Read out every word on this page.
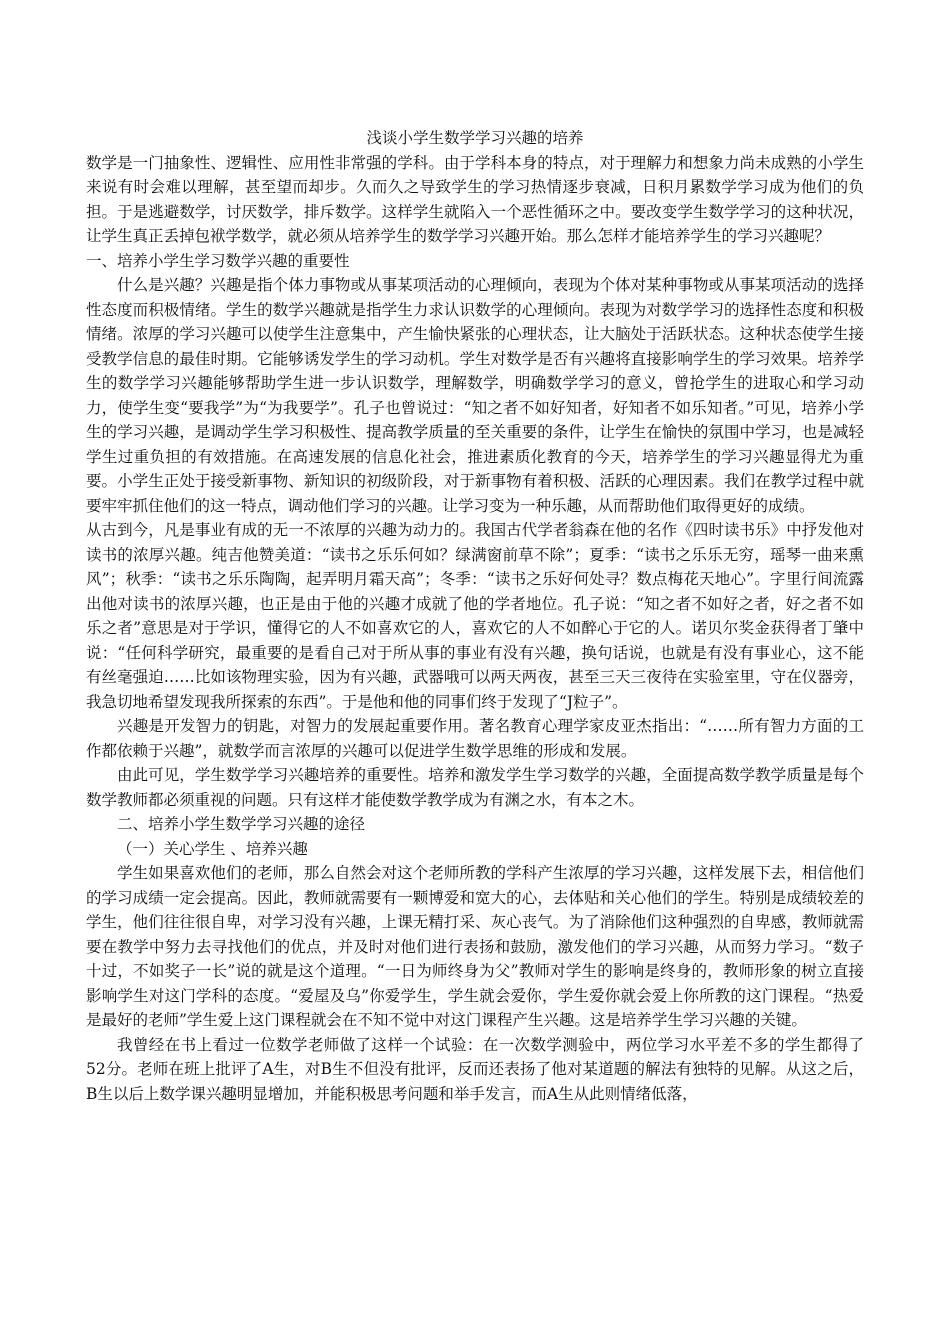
浅谈小学生数学学习兴趣的培养

数学是一门抽象性、逻辑性、应用性非常强的学科。由于学科本身的特点，对于理解力和想象力尚未成熟的小学生来说有时会难以理解，甚至望而却步。久而久之导致学生的学习热情逐步衰减，日积月累数学学习成为他们的负担。于是逃避数学，讨厌数学，排斥数学。这样学生就陷入一个恶性循环之中。要改变学生数学学习的这种状况，让学生真正丢掉包袱学数学，就必须从培养学生的数学学习兴趣开始。那么怎样才能培养学生的学习兴趣呢？

一、培养小学生学习数学兴趣的重要性

什么是兴趣？兴趣是指个体力事物或从事某项活动的心理倾向，表现为个体对某种事物或从事某项活动的选择性态度而积极情绪。学生的数学兴趣就是指学生力求认识数学的心理倾向。表现为对数学学习的选择性态度和积极情绪。浓厚的学习兴趣可以使学生注意集中，产生愉快紧张的心理状态，让大脑处于活跃状态。这种状态使学生接受教学信息的最佳时期。它能够诱发学生的学习动机。学生对数学是否有兴趣将直接影响学生的学习效果。培养学生的数学学习兴趣能够帮助学生进一步认识数学，理解数学，明确数学学习的意义，曾抢学生的进取心和学习动力，使学生变“要我学”为“为我要学”。孔子也曾说过：“知之者不如好知者，好知者不如乐知者。”可见，培养小学生的学习兴趣，是调动学生学习积极性、提高教学质量的至关重要的条件，让学生在愉快的氛围中学习，也是减轻学生过重负担的有效措施。在高速发展的信息化社会，推进素质化教育的今天，培养学生的学习兴趣显得尤为重要。小学生正处于接受新事物、新知识的初级阶段，对于新事物有着积极、活跃的心理因素。我们在教学过程中就要牢牢抓住他们的这一特点，调动他们学习的兴趣。让学习变为一种乐趣，从而帮助他们取得更好的成绩。

从古到今，凡是事业有成的无一不浓厚的兴趣为动力的。我国古代学者翁森在他的名作《四时读书乐》中抒发他对读书的浓厚兴趣。纯吉他赞美道：“读书之乐乐何如？绿满窗前草不除”；夏季：“读书之乐乐无穷，瑶琴一曲来熏风”；秋季：“读书之乐乐陶陶，起弄明月霜天高”；冬季：“读书之乐好何处寻？数点梅花天地心”。字里行间流露出他对读书的浓厚兴趣，也正是由于他的兴趣才成就了他的学者地位。孔子说：“知之者不如好之者，好之者不如乐之者”意思是对于学识，懂得它的人不如喜欢它的人，喜欢它的人不如醉心于它的人。诺贝尔奖金获得者丁肇中说：“任何科学研究，最重要的是看自己对于所从事的事业有没有兴趣，换句话说，也就是有没有事业心，这不能有丝毫强迫……比如该物理实验，因为有兴趣，武器哦可以两天两夜，甚至三天三夜待在实验室里，守在仪器旁，我急切地希望发现我所探索的东西”。于是他和他的同事们终于发现了“J粒子”。

兴趣是开发智力的钥匙，对智力的发展起重要作用。著名教育心理学家皮亚杰指出：“……所有智力方面的工作都依赖于兴趣”，就数学而言浓厚的兴趣可以促进学生数学思维的形成和发展。

由此可见，学生数学学习兴趣培养的重要性。培养和激发学生学习数学的兴趣，全面提高数学教学质量是每个数学教师都必须重视的问题。只有这样才能使数学教学成为有渊之水，有本之木。

二、培养小学生数学学习兴趣的途径

（一）关心学生 、培养兴趣

学生如果喜欢他们的老师，那么自然会对这个老师所教的学科产生浓厚的学习兴趣，这样发展下去，相信他们的学习成绩一定会提高。因此，教师就需要有一颗博爱和宽大的心，去体贴和关心他们的学生。特别是成绩较差的学生，他们往往很自卑，对学习没有兴趣，上课无精打采、灰心丧气。为了消除他们这种强烈的自卑感，教师就需要在教学中努力去寻找他们的优点，并及时对他们进行表扬和鼓励，激发他们的学习兴趣，从而努力学习。“数子十过，不如奖子一长”说的就是这个道理。“一日为师终身为父”教师对学生的影响是终身的，教师形象的树立直接影响学生对这门学科的态度。“爱屋及乌”你爱学生，学生就会爱你，学生爱你就会爱上你所教的这门课程。“热爱是最好的老师”学生爱上这门课程就会在不知不觉中对这门课程产生兴趣。这是培养学生学习兴趣的关键。

我曾经在书上看过一位数学老师做了这样一个试验：在一次数学测验中，两位学习水平差不多的学生都得了52分。老师在班上批评了A生，对B生不但没有批评，反而还表扬了他对某道题的解法有独特的见解。从这之后，B生以后上数学课兴趣明显增加，并能积极思考问题和举手发言，而A生从此则情绪低落，
